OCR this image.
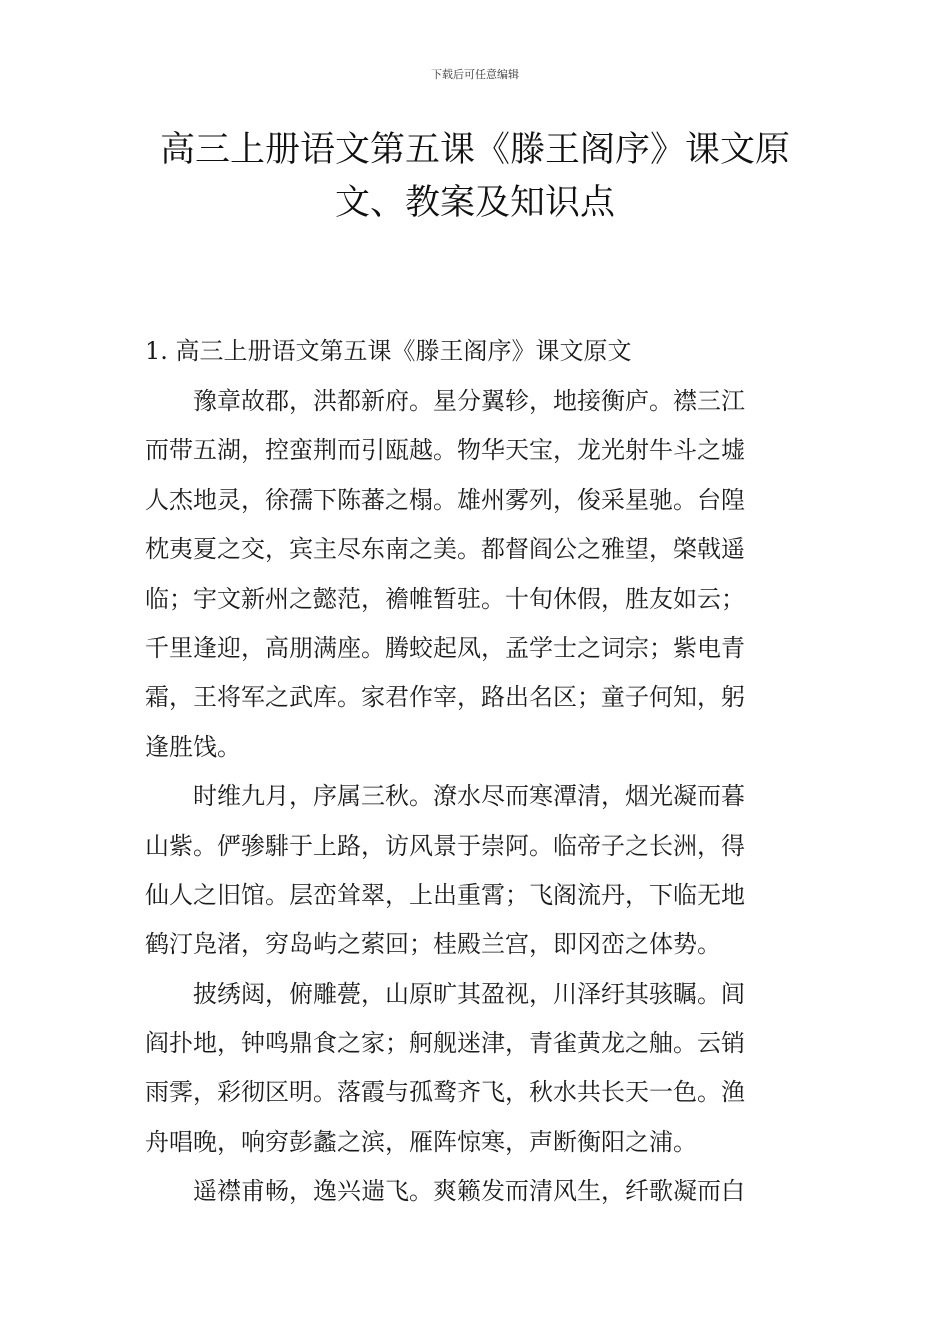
下载后可任意编辑
高三上册语文第五课《滕王阁序》课文原
文、教案及知识点
1. 高三上册语文第五课《滕王阁序》课文原文
豫章故郡，洪都新府。星分翼轸，地接衡庐。襟三江
而带五湖，控蛮荆而引瓯越。物华天宝，龙光射牛斗之墟
人杰地灵，徐孺下陈蕃之榻。雄州雾列，俊采星驰。台隍
枕夷夏之交，宾主尽东南之美。都督阎公之雅望，棨戟遥
临；宇文新州之懿范，襜帷暂驻。十旬休假，胜友如云；
千里逢迎，高朋满座。腾蛟起凤，孟学士之词宗；紫电青
霜，王将军之武库。家君作宰，路出名区；童子何知，躬
逢胜饯。
时维九月，序属三秋。潦水尽而寒潭清，烟光凝而暮
山紫。俨骖騑于上路，访风景于崇阿。临帝子之长洲，得
仙人之旧馆。层峦耸翠，上出重霄；飞阁流丹，下临无地
鹤汀凫渚，穷岛屿之萦回；桂殿兰宫，即冈峦之体势。
披绣闼，俯雕甍，山原旷其盈视，川泽纡其骇瞩。闾
阎扑地，钟鸣鼎食之家；舸舰迷津，青雀黄龙之舳。云销
雨霁，彩彻区明。落霞与孤鹜齐飞，秋水共长天一色。渔
舟唱晚，响穷彭蠡之滨，雁阵惊寒，声断衡阳之浦。
遥襟甫畅，逸兴遄飞。爽籁发而清风生，纤歌凝而白
